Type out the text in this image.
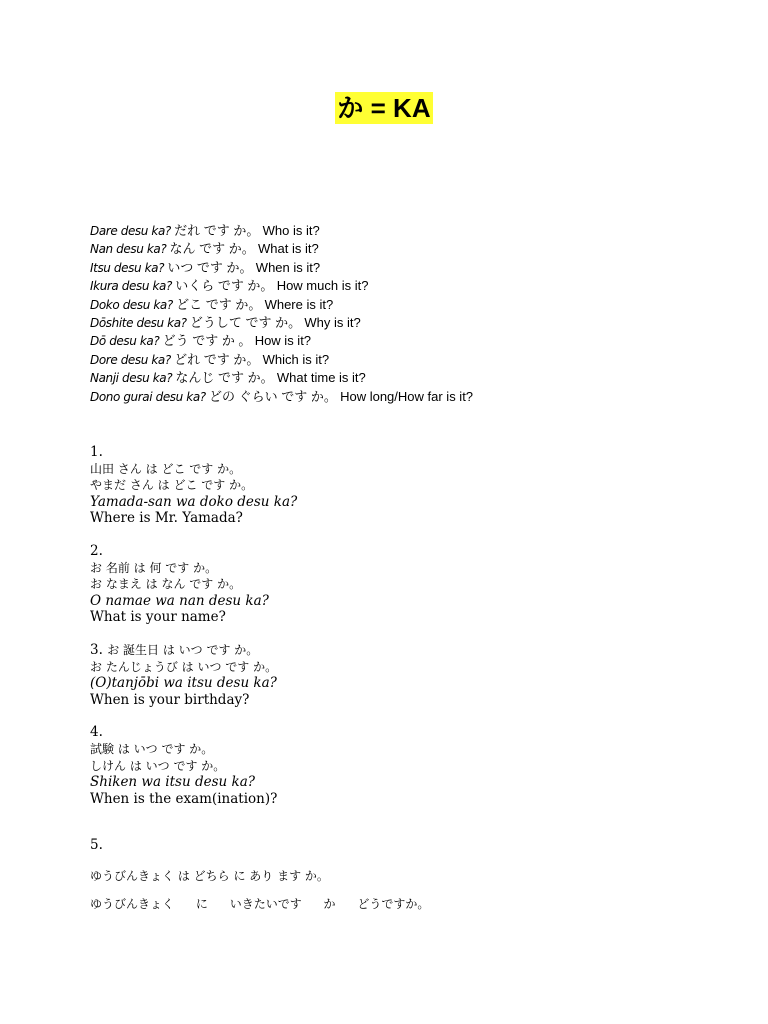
か = KA
Dare desu ka? だれ です か。 Who is it?
Nan desu ka? なん です か。 What is it?
Itsu desu ka? いつ です か。 When is it?
Ikura desu ka? いくら です か。 How much is it?
Doko desu ka? どこ です か。 Where is it?
Dōshite desu ka? どうして です か。 Why is it?
Dō desu ka? どう です か 。 How is it?
Dore desu ka? どれ です か。 Which is it?
Nanji desu ka? なんじ です か。 What time is it?
Dono gurai desu ka? どの ぐらい です か。 How long/How far is it?
1.
山田 さん は どこ です か。
やまだ さん は どこ です か。
Yamada-san wa doko desu ka?
Where is Mr. Yamada?
2.
お 名前 は 何 です か。
お なまえ は なん です か。
O namae wa nan desu ka?
What is your name?
3. お 誕生日 は いつ です か。
お たんじょうび は いつ です か。
(O)tanjōbi wa itsu desu ka?
When is your birthday?
4.
試験 は いつ です か。
しけん は いつ です か。
Shiken wa itsu desu ka?
When is the exam(ination)?
5.
ゆうびんきょく は どちら に あり ます か。
ゆうびんきょく に いきたいです か どうですか。
